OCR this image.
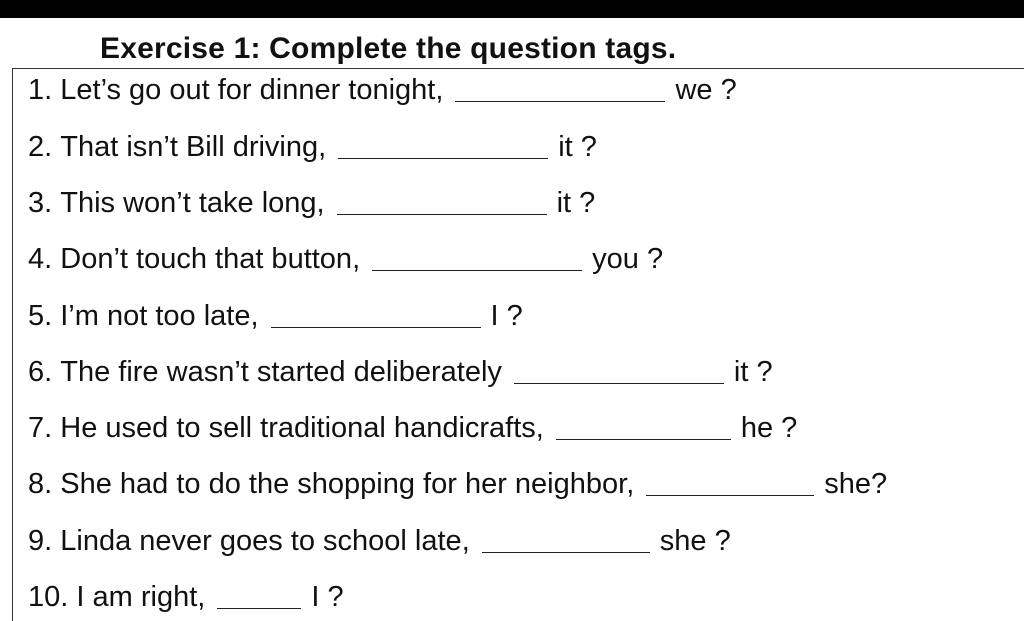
Exercise 1: Complete the question tags.
1.
Let’s go out for dinner tonight,	we ?
2.
That isn’t Bill driving,	it ?
3.
This won’t take long,	it ?
4.
Don’t touch that button,	you ?
5.
I’m not too late,	I ?
6.
The fire wasn’t started deliberately	it ?
7.
He used to sell traditional handicrafts,	he ?
8.
She had to do the shopping for her neighbor,	she?
9.
Linda never goes to school late,	she ?
10.
I am right,	I ?
